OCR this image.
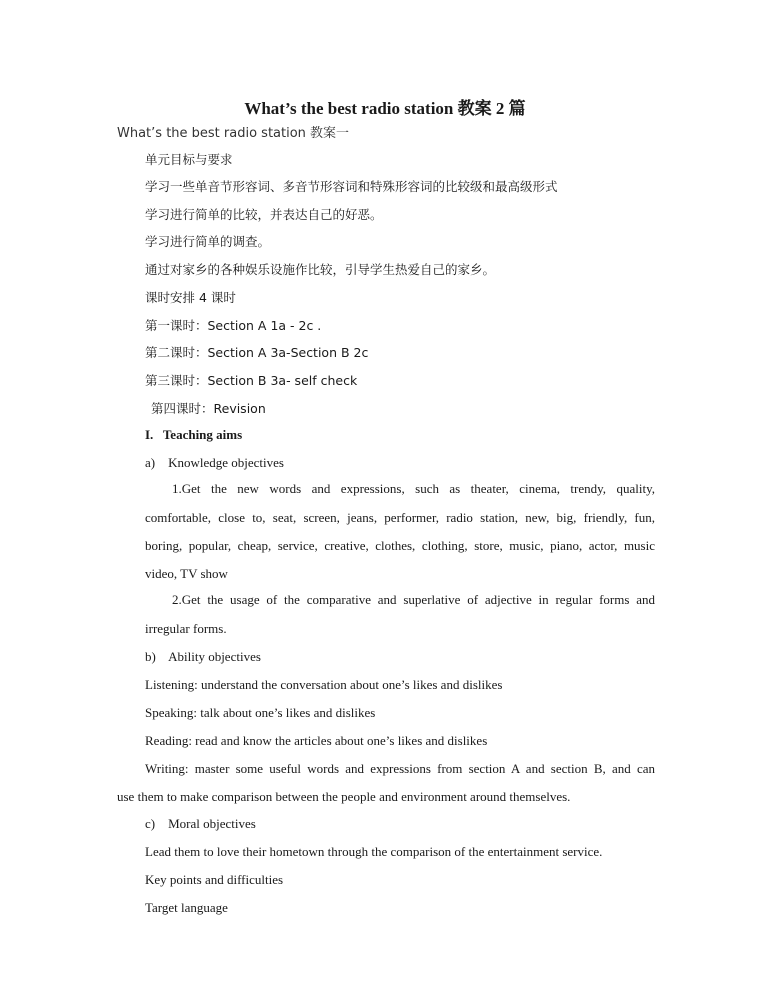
What’s the best radio station 教案 2 篇
What’s the best radio station 教案一
单元目标与要求
学习一些单音节形容词、多音节形容词和特殊形容词的比较级和最高级形式
学习进行简单的比较，并表达自己的好恶。
学习进行简单的调查。
通过对家乡的各种娱乐设施作比较，引导学生热爱自己的家乡。
课时安排 4 课时
第一课时：Section A 1a - 2c .
第二课时：Section A 3a-Section B 2c
第三课时：Section B 3a- self check
第四课时：Revision
I.   Teaching aims
a)    Knowledge objectives
1.Get the new words and expressions, such as theater, cinema, trendy, quality,
comfortable, close to, seat, screen, jeans, performer, radio station, new, big, friendly, fun,
boring, popular, cheap, service, creative, clothes, clothing, store, music, piano, actor, music
video, TV show
2.Get the usage of the comparative and superlative of adjective in regular forms and
irregular forms.
b)    Ability objectives
Listening: understand the conversation about one’s likes and dislikes
Speaking: talk about one’s likes and dislikes
Reading: read and know the articles about one’s likes and dislikes
Writing: master some useful words and expressions from section A and section B, and can
use them to make comparison between the people and environment around themselves.
c)    Moral objectives
Lead them to love their hometown through the comparison of the entertainment service.
Key points and difficulties
Target language
